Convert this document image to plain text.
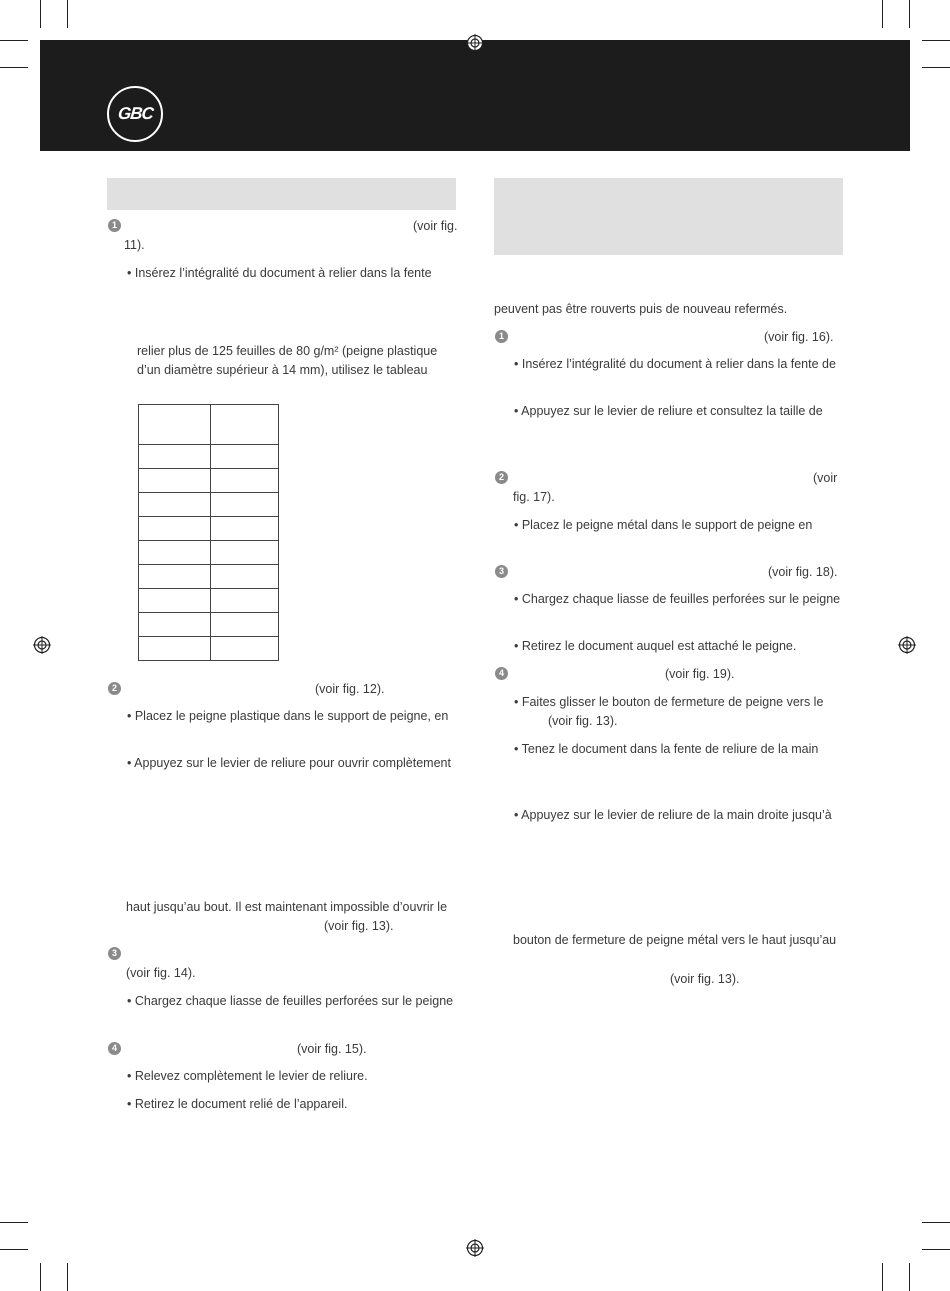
GBC
1	(voir fig.
11).
• Insérez l’intégralité du document à relier dans la fente
relier plus de 125 feuilles de 80 g/m² (peigne plastique
d’un diamètre supérieur à 14 mm), utilisez le tableau

2	(voir fig. 12).
• Placez le peigne plastique dans le support de peigne, en
• Appuyez sur le levier de reliure pour ouvrir complètement
haut jusqu’au bout. Il est maintenant impossible d’ouvrir le
(voir fig. 13).
3
(voir fig. 14).
• Chargez chaque liasse de feuilles perforées sur le peigne
4	(voir fig. 15).
• Relevez complètement le levier de reliure.
• Retirez le document relié de l’appareil.
peuvent pas être rouverts puis de nouveau refermés.
1	(voir fig. 16).
• Insérez l’intégralité du document à relier dans la fente de
• Appuyez sur le levier de reliure et consultez la taille de
2	(voir
fig. 17).
• Placez le peigne métal dans le support de peigne en
3	(voir fig. 18).
• Chargez chaque liasse de feuilles perforées sur le peigne
• Retirez le document auquel est attaché le peigne.
4	(voir fig. 19).
• Faites glisser le bouton de fermeture de peigne vers le
(voir fig. 13).
• Tenez le document dans la fente de reliure de la main
• Appuyez sur le levier de reliure de la main droite jusqu’à
bouton de fermeture de peigne métal vers le haut jusqu’au
(voir fig. 13).
